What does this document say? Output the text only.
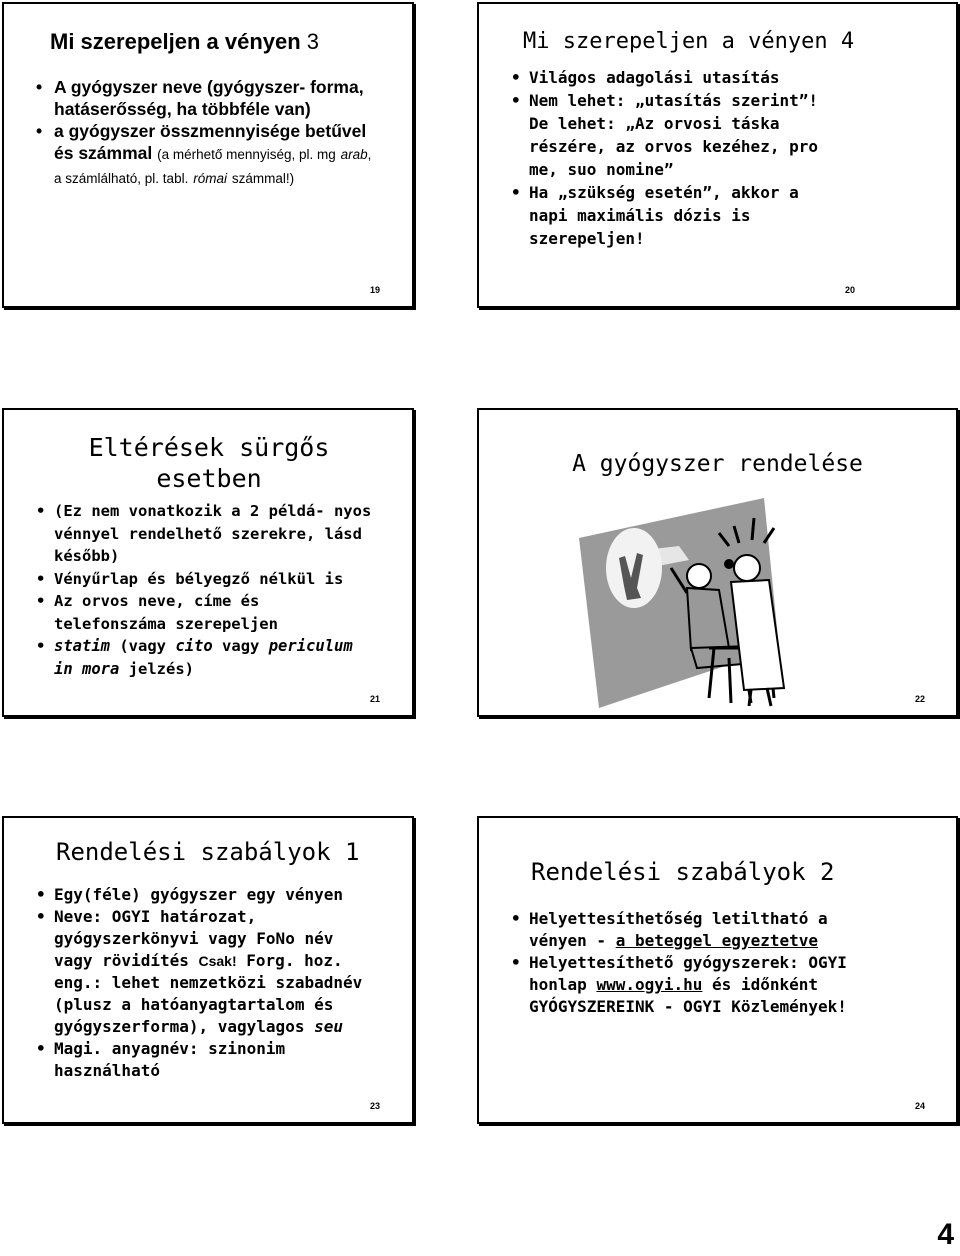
Mi szerepeljen a vényen 3
• A gyógyszer neve (gyógyszer- forma, hatáserősség, ha többféle van)
• a gyógyszer összmennyisége betűvel és számmal (a mérhető mennyiség, pl. mg arab, a számlálható, pl. tabl. római számmal!)
19
Mi szerepeljen a vényen 4
• Világos adagolási utasítás
• Nem lehet: „utasítás szerint”! De lehet: „Az orvosi táska részére, az orvos kezéhez, pro me, suo nomine”
• Ha „szükség esetén”, akkor a napi maximális dózis is szerepeljen!
20
Eltérések sürgős esetben
• (Ez nem vonatkozik a 2 példá- nyos vénnyel rendelhető szerekre, lásd később)
• Vényűrlap és bélyegző nélkül is
• Az orvos neve, címe és telefonszáma szerepeljen
• statim (vagy cito vagy periculum in mora jelzés)
21
A gyógyszer rendelése
22
Rendelési szabályok 1
• Egy(féle) gyógyszer egy vényen
• Neve: OGYI határozat, gyógyszerkönyvi vagy FoNo név vagy rövidítés Csak! Forg. hoz. eng.: lehet nemzetközi szabadnév (plusz a hatóanyagtartalom és gyógyszerforma), vagylagos seu
• Magi. anyagnév: szinonim használható
23
Rendelési szabályok 2
• Helyettesíthetőség letiltható a vényen - a beteggel egyeztetve
• Helyettesíthető gyógyszerek: OGYI honlap www.ogyi.hu és időnként GYÓGYSZEREINK - OGYI Közlemények!
24
4
